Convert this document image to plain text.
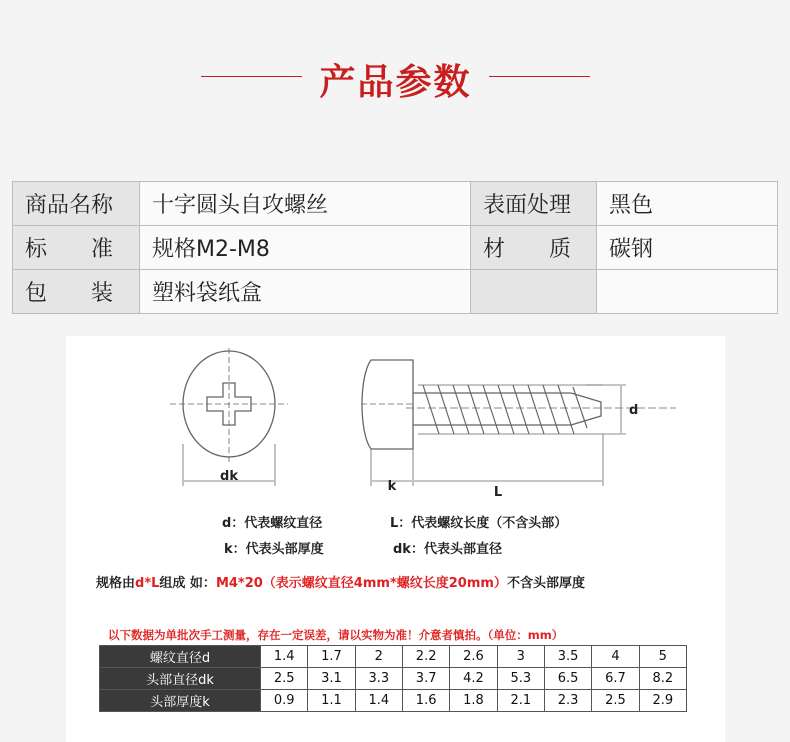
产品参数
商品名称	十字圆头自攻螺丝	表面处理	黑色
标　　准	规格M2-M8	材　　质	碳钢
包　　装	塑料袋纸盒		
dk
k	L
d
d：代表螺纹直径	L：代表螺纹长度（不含头部）
k：代表头部厚度	dk：代表头部直径
规格由d*L组成 如：M4*20（表示螺纹直径4mm*螺纹长度20mm）不含头部厚度
以下数据为单批次手工测量，存在一定误差，请以实物为准！介意者慎拍。（单位：mm）
螺纹直径d	1.4	1.7	2	2.2	2.6	3	3.5	4	5
头部直径dk	2.5	3.1	3.3	3.7	4.2	5.3	6.5	6.7	8.2
头部厚度k	0.9	1.1	1.4	1.6	1.8	2.1	2.3	2.5	2.9
